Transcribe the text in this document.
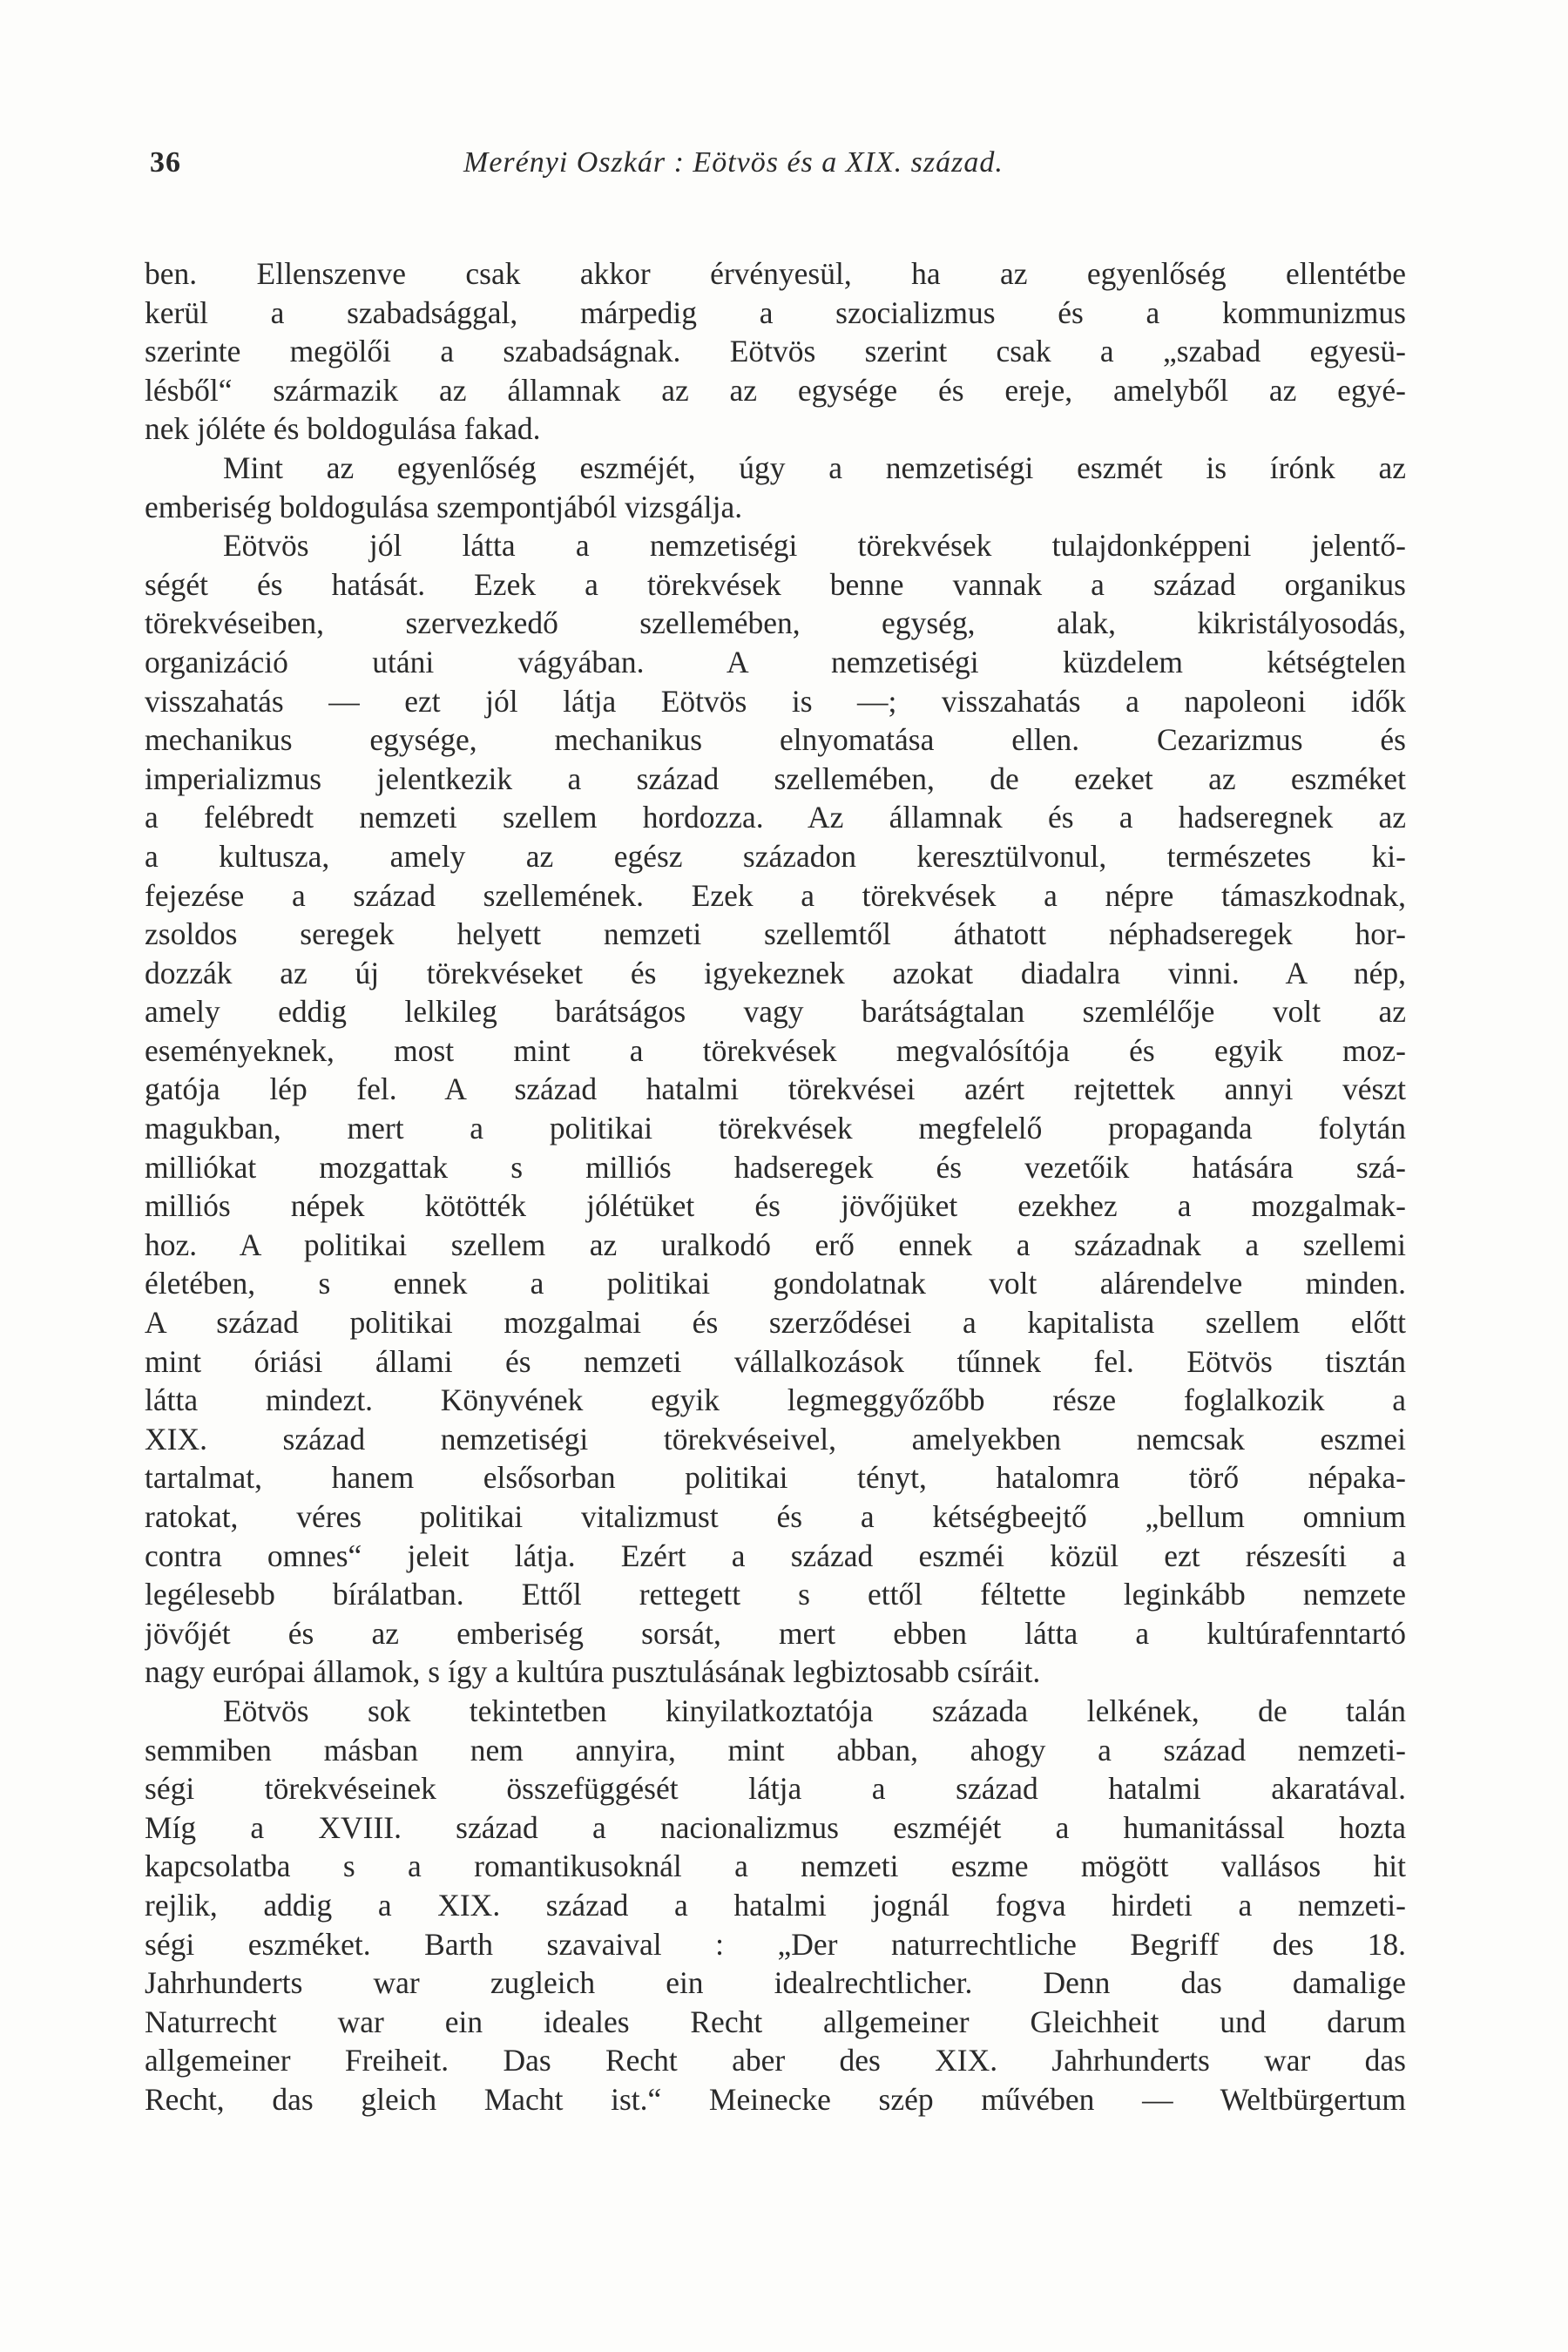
36	Merényi Oszkár : Eötvös és a XIX. század.
ben. Ellenszenve csak akkor érvényesül, ha az egyenlőség ellentétbe
kerül a szabadsággal, márpedig a szocializmus és a kommunizmus
szerinte megölői a szabadságnak. Eötvös szerint csak a „szabad egyesü-
lésből“ származik az államnak az az egysége és ereje, amelyből az egyé-
nek jóléte és boldogulása fakad.
Mint az egyenlőség eszméjét, úgy a nemzetiségi eszmét is írónk az
emberiség boldogulása szempontjából vizsgálja.
Eötvös jól látta a nemzetiségi törekvések tulajdonképpeni jelentő-
ségét és hatását. Ezek a törekvések benne vannak a század organikus
törekvéseiben, szervezkedő szellemében, egység, alak, kikristályosodás,
organizáció utáni vágyában. A nemzetiségi küzdelem kétségtelen
visszahatás — ezt jól látja Eötvös is —; visszahatás a napoleoni idők
mechanikus egysége, mechanikus elnyomatása ellen. Cezarizmus és
imperializmus jelentkezik a század szellemében, de ezeket az eszméket
a felébredt nemzeti szellem hordozza. Az államnak és a hadseregnek az
a kultusza, amely az egész századon keresztülvonul, természetes ki-
fejezése a század szellemének. Ezek a törekvések a népre támaszkodnak,
zsoldos seregek helyett nemzeti szellemtől áthatott néphadseregek hor-
dozzák az új törekvéseket és igyekeznek azokat diadalra vinni. A nép,
amely eddig lelkileg barátságos vagy barátságtalan szemlélője volt az
eseményeknek, most mint a törekvések megvalósítója és egyik moz-
gatója lép fel. A század hatalmi törekvései azért rejtettek annyi vészt
magukban, mert a politikai törekvések megfelelő propaganda folytán
milliókat mozgattak s milliós hadseregek és vezetőik hatására szá-
milliós népek kötötték jólétüket és jövőjüket ezekhez a mozgalmak-
hoz. A politikai szellem az uralkodó erő ennek a századnak a szellemi
életében, s ennek a politikai gondolatnak volt alárendelve minden.
A század politikai mozgalmai és szerződései a kapitalista szellem előtt
mint óriási állami és nemzeti vállalkozások tűnnek fel. Eötvös tisztán
látta mindezt. Könyvének egyik legmeggyőzőbb része foglalkozik a
XIX. század nemzetiségi törekvéseivel, amelyekben nemcsak eszmei
tartalmat, hanem elsősorban politikai tényt, hatalomra törő népaka-
ratokat, véres politikai vitalizmust és a kétségbeejtő „bellum omnium
contra omnes“ jeleit látja. Ezért a század eszméi közül ezt részesíti a
legélesebb bírálatban. Ettől rettegett s ettől féltette leginkább nemzete
jövőjét és az emberiség sorsát, mert ebben látta a kultúrafenntartó
nagy európai államok, s így a kultúra pusztulásának legbiztosabb csíráit.
Eötvös sok tekintetben kinyilatkoztatója százada lelkének, de talán
semmiben másban nem annyira, mint abban, ahogy a század nemzeti-
ségi törekvéseinek összefüggését látja a század hatalmi akaratával.
Míg a XVIII. század a nacionalizmus eszméjét a humanitással hozta
kapcsolatba s a romantikusoknál a nemzeti eszme mögött vallásos hit
rejlik, addig a XIX. század a hatalmi jognál fogva hirdeti a nemzeti-
ségi eszméket. Barth szavaival : „Der naturrechtliche Begriff des 18.
Jahrhunderts war zugleich ein idealrechtlicher. Denn das damalige
Naturrecht war ein ideales Recht allgemeiner Gleichheit und darum
allgemeiner Freiheit. Das Recht aber des XIX. Jahrhunderts war das
Recht, das gleich Macht ist.“ Meinecke szép művében — Weltbürgertum
